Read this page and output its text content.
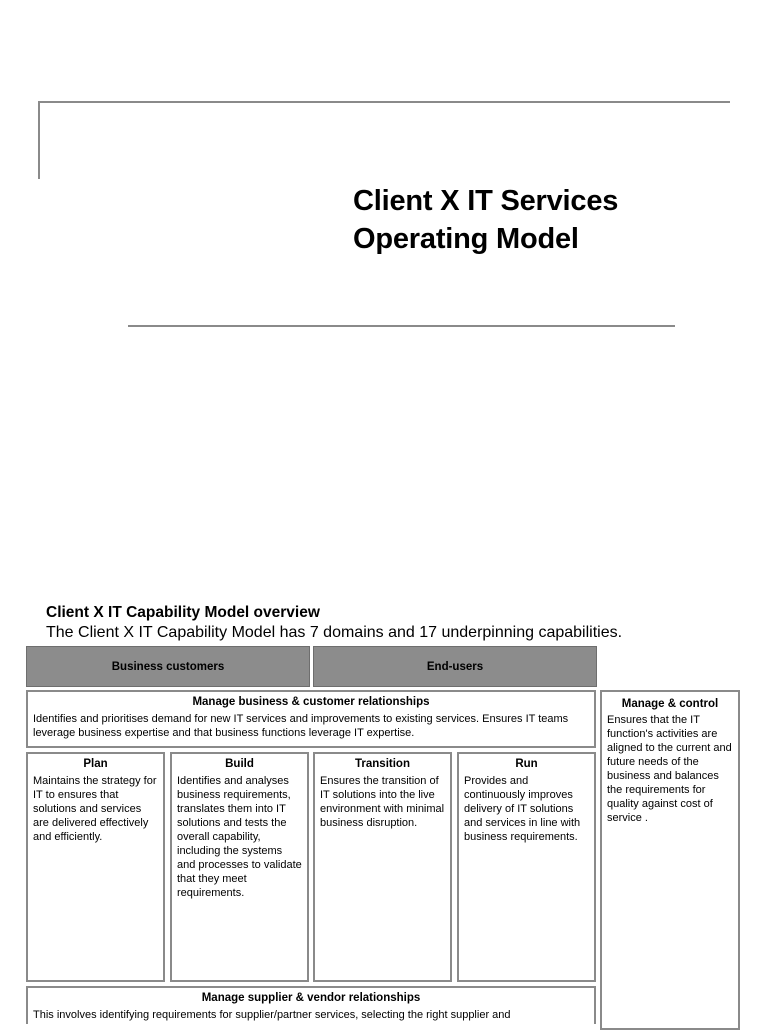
Client X IT Services
Operating Model
Client X IT Capability Model overview
The Client X IT Capability Model has 7 domains and 17 underpinning capabilities.
Business customers	End-users
Manage business & customer relationships
Identifies and prioritises demand for new IT services and improvements to existing services. Ensures IT teams leverage business expertise and that business functions leverage IT expertise.
Manage & control
Ensures that the IT function's activities are aligned to the current and future needs of the business and balances the requirements for quality against cost of service .
Plan
Maintains the strategy for IT to ensures that solutions and services are delivered effectively and efficiently.
Build
Identifies and analyses business requirements, translates them into IT solutions and tests the overall capability, including the systems and processes to validate that they meet requirements.
Transition
Ensures the transition of IT solutions into the live environment with minimal business disruption.
Run
Provides and continuously improves delivery of IT solutions and services in line with business requirements.
Manage supplier & vendor relationships
This involves identifying requirements for supplier/partner services, selecting the right supplier and
